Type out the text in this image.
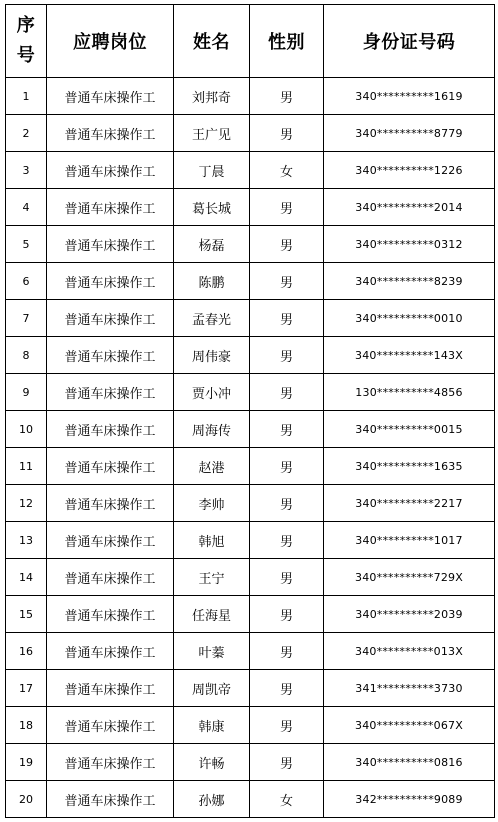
序
号	应聘岗位	姓名	性别	身份证号码
1	普通车床操作工	刘邦奇	男	340**********1619
2	普通车床操作工	王广见	男	340**********8779
3	普通车床操作工	丁晨	女	340**********1226
4	普通车床操作工	葛长城	男	340**********2014
5	普通车床操作工	杨磊	男	340**********0312
6	普通车床操作工	陈鹏	男	340**********8239
7	普通车床操作工	孟春光	男	340**********0010
8	普通车床操作工	周伟豪	男	340**********143X
9	普通车床操作工	贾小冲	男	130**********4856
10	普通车床操作工	周海传	男	340**********0015
11	普通车床操作工	赵港	男	340**********1635
12	普通车床操作工	李帅	男	340**********2217
13	普通车床操作工	韩旭	男	340**********1017
14	普通车床操作工	王宁	男	340**********729X
15	普通车床操作工	任海星	男	340**********2039
16	普通车床操作工	叶蓁	男	340**********013X
17	普通车床操作工	周凯帝	男	341**********3730
18	普通车床操作工	韩康	男	340**********067X
19	普通车床操作工	许畅	男	340**********0816
20	普通车床操作工	孙娜	女	342**********9089
